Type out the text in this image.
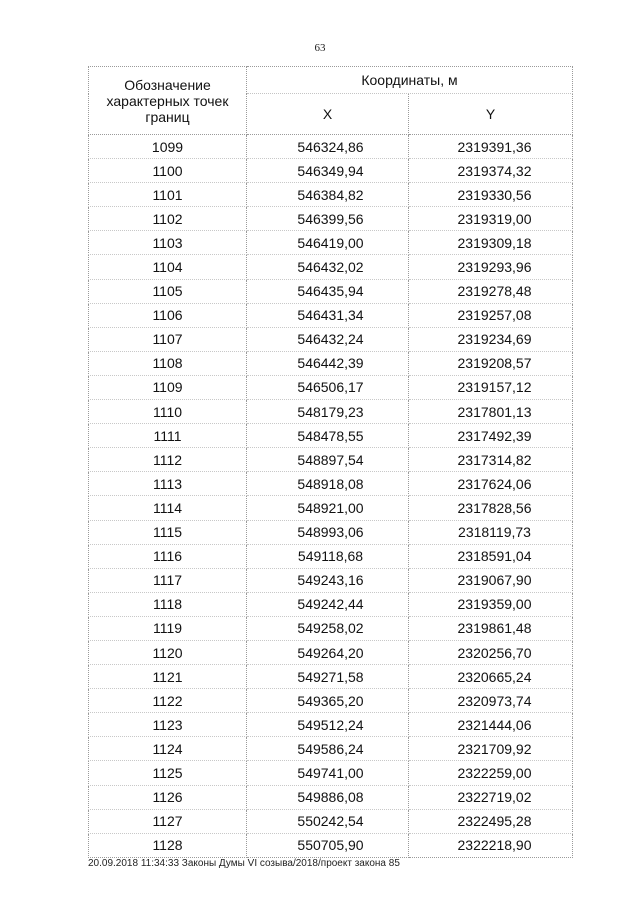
63
Обозначение
характерных точек
границ	Координаты, м	
	X	Y
1099	546324,86	2319391,36
1100	546349,94	2319374,32
1101	546384,82	2319330,56
1102	546399,56	2319319,00
1103	546419,00	2319309,18
1104	546432,02	2319293,96
1105	546435,94	2319278,48
1106	546431,34	2319257,08
1107	546432,24	2319234,69
1108	546442,39	2319208,57
1109	546506,17	2319157,12
1110	548179,23	2317801,13
1111	548478,55	2317492,39
1112	548897,54	2317314,82
1113	548918,08	2317624,06
1114	548921,00	2317828,56
1115	548993,06	2318119,73
1116	549118,68	2318591,04
1117	549243,16	2319067,90
1118	549242,44	2319359,00
1119	549258,02	2319861,48
1120	549264,20	2320256,70
1121	549271,58	2320665,24
1122	549365,20	2320973,74
1123	549512,24	2321444,06
1124	549586,24	2321709,92
1125	549741,00	2322259,00
1126	549886,08	2322719,02
1127	550242,54	2322495,28
1128	550705,90	2322218,90
20.09.2018 11:34:33 Законы Думы VI созыва/2018/проект закона 85
